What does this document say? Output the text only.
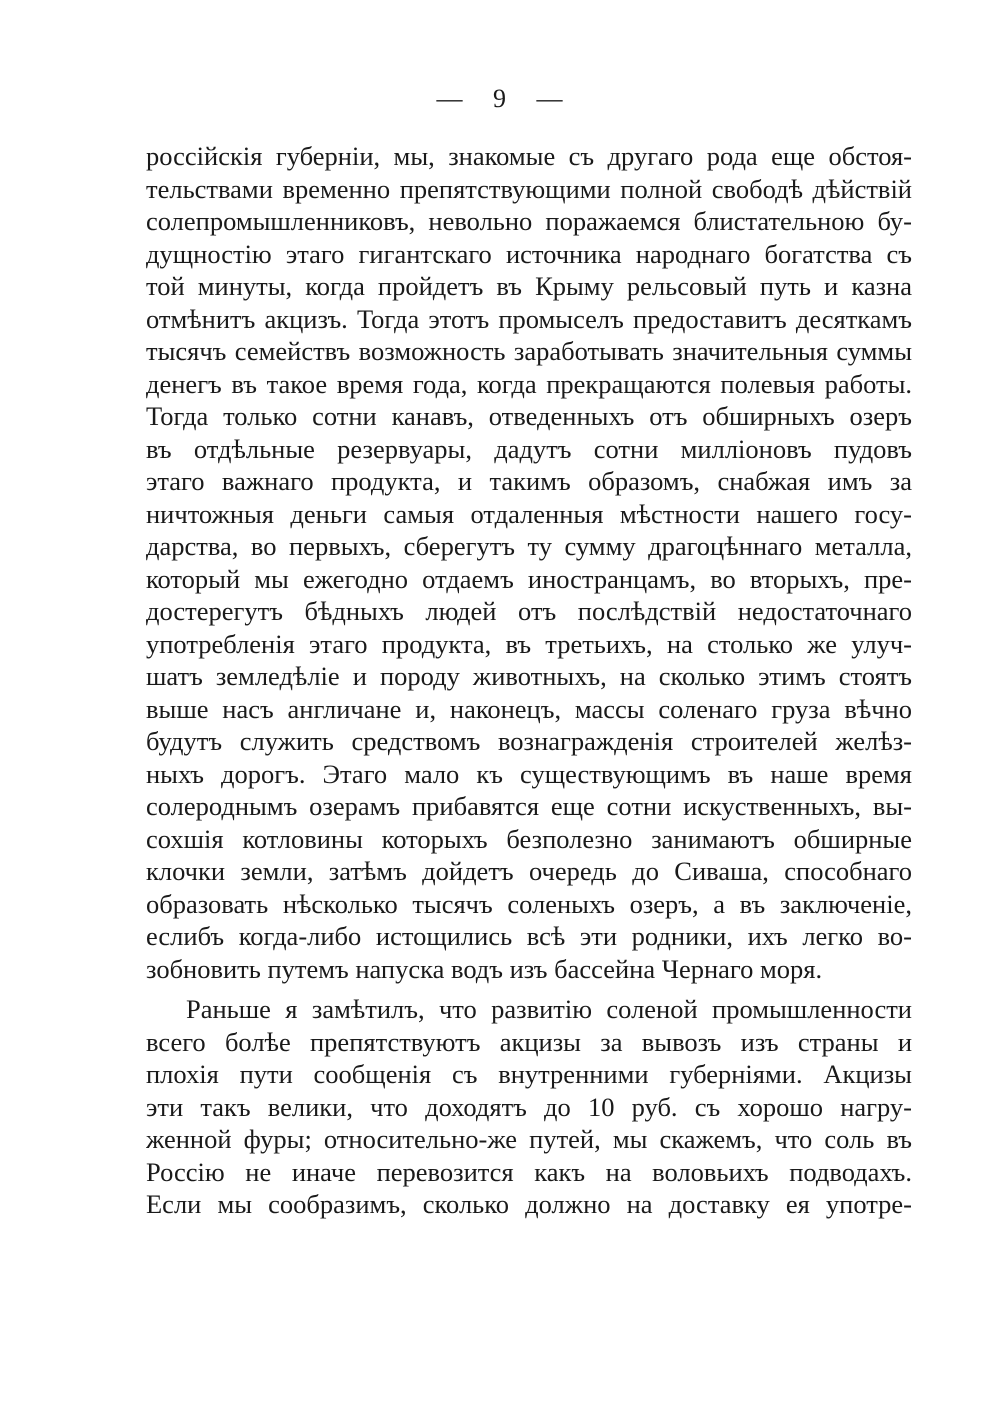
— 9 —
россійскія губерніи, мы, знакомые съ другаго рода еще обстоя-
тельствами временно препятствующими полной свободѣ дѣйствій
солепромышленниковъ, невольно поражаемся блистательною бу-
дущностію этаго гигантскаго источника народнаго богатства съ
той минуты, когда пройдетъ въ Крыму рельсовый путь и казна
отмѣнитъ акцизъ. Тогда этотъ промыселъ предоставитъ десяткамъ
тысячъ семействъ возможность заработывать значительныя суммы
денегъ въ такое время года, когда прекращаются полевыя работы.
Тогда только сотни канавъ, отведенныхъ отъ обширныхъ озеръ
въ отдѣльные резервуары, дадутъ сотни милліоновъ пудовъ
этаго важнаго продукта, и такимъ образомъ, снабжая имъ за
ничтожныя деньги самыя отдаленныя мѣстности нашего госу-
дарства, во первыхъ, сберегутъ ту сумму драгоцѣннаго металла,
который мы ежегодно отдаемъ иностранцамъ, во вторыхъ, пре-
достерегутъ бѣдныхъ людей отъ послѣдствій недостаточнаго
употребленія этаго продукта, въ третьихъ, на столько же улуч-
шатъ земледѣліе и породу животныхъ, на сколько этимъ стоятъ
выше насъ англичане и, наконецъ, массы соленаго груза вѣчно
будутъ служить средствомъ вознагражденія строителей желѣз-
ныхъ дорогъ. Этаго мало къ существующимъ въ наше время
солероднымъ озерамъ прибавятся еще сотни искуственныхъ, вы-
сохшія котловины которыхъ безполезно занимаютъ обширные
клочки земли, затѣмъ дойдетъ очередь до Сиваша, способнаго
образовать нѣсколько тысячъ соленыхъ озеръ, а въ заключеніе,
еслибъ когда-либо истощились всѣ эти родники, ихъ легко во-
зобновить путемъ напуска водъ изъ бассейна Чернаго моря.
Раньше я замѣтилъ, что развитію соленой промышленности
всего болѣе препятствуютъ акцизы за вывозъ изъ страны и
плохія пути сообщенія съ внутренними губерніями. Акцизы
эти такъ велики, что доходятъ до 10 руб. съ хорошо нагру-
женной фуры; относительно-же путей, мы скажемъ, что соль въ
Россію не иначе перевозится какъ на воловьихъ подводахъ.
Если мы сообразимъ, сколько должно на доставку ея употре-
